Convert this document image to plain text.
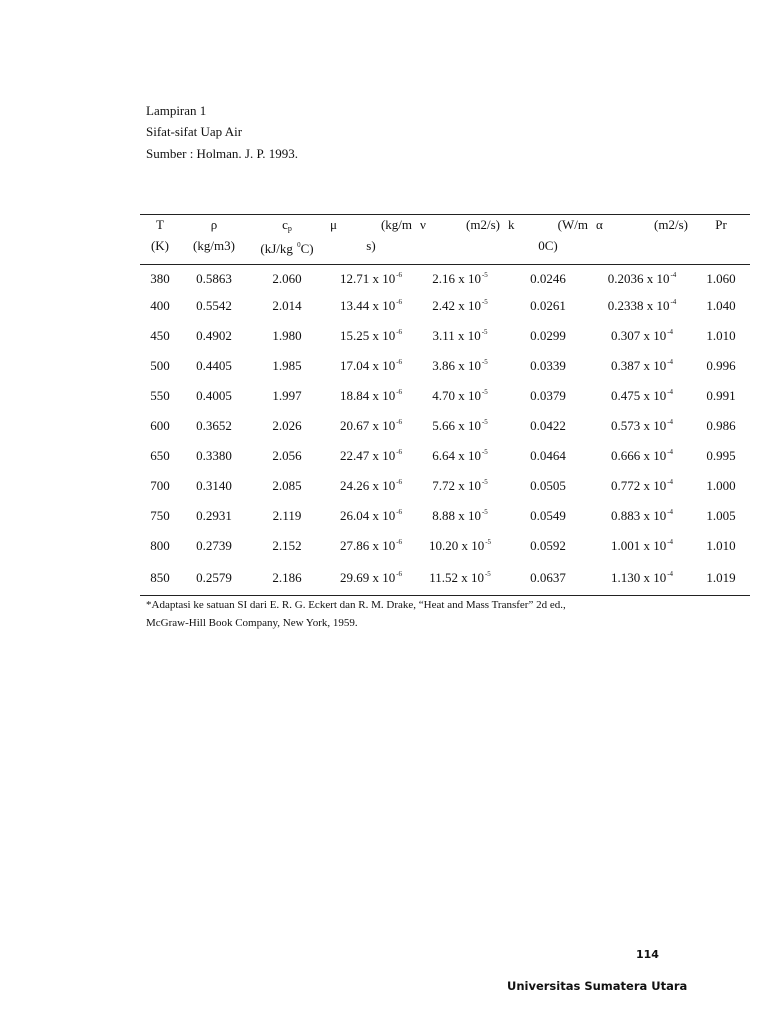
Lampiran 1
Sifat-sifat Uap Air
Sumber : Holman. J. P. 1993.
T	ρ	$c_p$	μ (kg/m	ν (m2/s)	k (W/m	α (m2/s)	Pr
(K)	(kg/m3)	(kJ/kg $^0$C)	s)		0C)		
380	0.5863	2.060	12.71 x $10^{-6}$	2.16 x $10^{-5}$	0.0246	0.2036 x $10^{-4}$	1.060
400	0.5542	2.014	13.44 x $10^{-6}$	2.42 x $10^{-5}$	0.0261	0.2338 x $10^{-4}$	1.040
450	0.4902	1.980	15.25 x $10^{-6}$	3.11 x $10^{-5}$	0.0299	0.307 x $10^{-4}$	1.010
500	0.4405	1.985	17.04 x $10^{-6}$	3.86 x $10^{-5}$	0.0339	0.387 x $10^{-4}$	0.996
550	0.4005	1.997	18.84 x $10^{-6}$	4.70 x $10^{-5}$	0.0379	0.475 x $10^{-4}$	0.991
600	0.3652	2.026	20.67 x $10^{-6}$	5.66 x $10^{-5}$	0.0422	0.573 x $10^{-4}$	0.986
650	0.3380	2.056	22.47 x $10^{-6}$	6.64 x $10^{-5}$	0.0464	0.666 x $10^{-4}$	0.995
700	0.3140	2.085	24.26 x $10^{-6}$	7.72 x $10^{-5}$	0.0505	0.772 x $10^{-4}$	1.000
750	0.2931	2.119	26.04 x $10^{-6}$	8.88 x $10^{-5}$	0.0549	0.883 x $10^{-4}$	1.005
800	0.2739	2.152	27.86 x $10^{-6}$	10.20 x $10^{-5}$	0.0592	1.001 x $10^{-4}$	1.010
850	0.2579	2.186	29.69 x $10^{-6}$	11.52 x $10^{-5}$	0.0637	1.130 x $10^{-4}$	1.019
*Adaptasi ke satuan SI dari E. R. G. Eckert dan R. M. Drake, “Heat and Mass Transfer” 2d ed.,
McGraw-Hill Book Company, New York, 1959.
114
Universitas Sumatera Utara
